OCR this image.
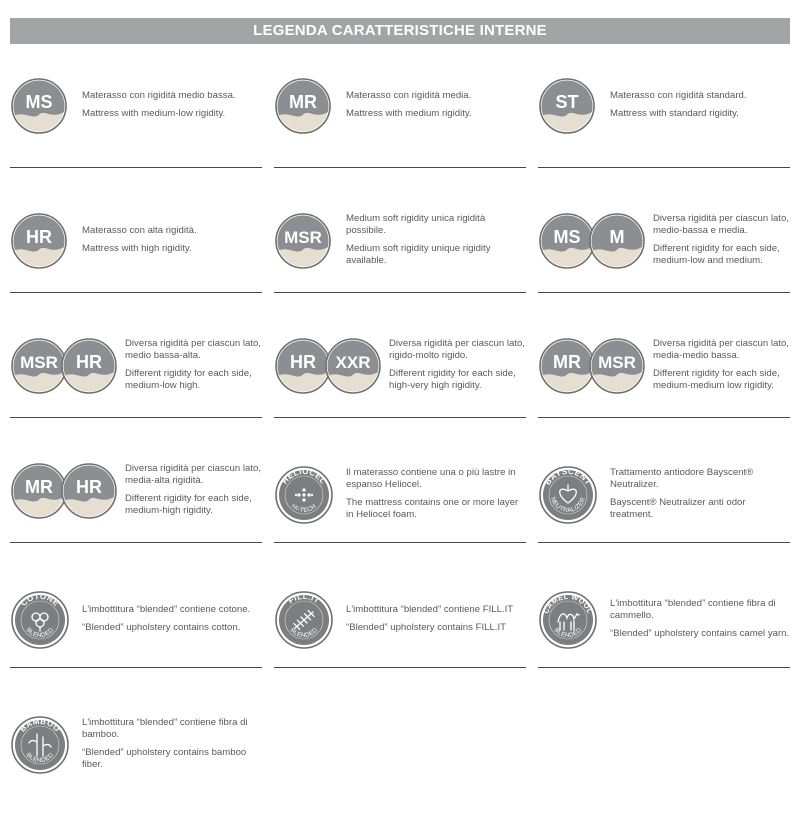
LEGENDA CARATTERISTICHE INTERNE
MS	Materasso con rigidità medio bassa.

Mattress with medium-low rigidity.

MR	Materasso con rigidità media.

Mattress with medium rigidity.

ST	Materasso con rigidità standard.

Mattress with standard rigidity.

HR	Materasso con alta rigidità.

Mattress with high rigidity.

MSR

Medium soft rigidity unica rigidità possibile.

Medium soft rigidity unique rigidity available.

MS M

Diversa rigidità per ciascun lato, medio-bassa e media.

Different rigidity for each side, medium-low and medium.

MSR HR

Diversa rigidità per ciascun lato, medio bassa-alta.

Different rigidity for each side, medium-low high.

HR XXR

Diversa rigidità per ciascun lato, rigido-molto rigido.

Different rigidity for each side, high-very high rigidity.

MR MSR

Diversa rigidità per ciascun lato, media-medio bassa.

Different rigidity for each side, medium-medium low rigidity.

MR HR

Diversa rigidità per ciascun lato, media-alta rigidità.

Different rigidity for each side, medium-high rigidity.

HELIOCEL
HI-TECH

Il materasso contiene una o più lastre in espanso Heliocel.

The mattress contains one or more layer in Heliocel foam.

BAYSCENT
NEUTRALIZER

Trattamento antiodore Bayscent® Neutralizer.

Bayscent® Neutralizer anti odor treatment.

COTONE
BLENDED

L'imbottitura “blended” contiene cotone.

“Blended” upholstery contains cotton.

FILL.IT
BLENDED

L'imbottitura “blended” contiene FILL.IT

“Blended” upholstery contains FILL.IT

CAMEL WOOL
BLENDED

L'imbottitura “blended” contiene fibra di cammello.

“Blended” upholstery contains camel yarn.

BAMBOO
BLENDED

L'imbottitura “blended” contiene fibra di bamboo.

“Blended” upholstery contains bamboo fiber.
